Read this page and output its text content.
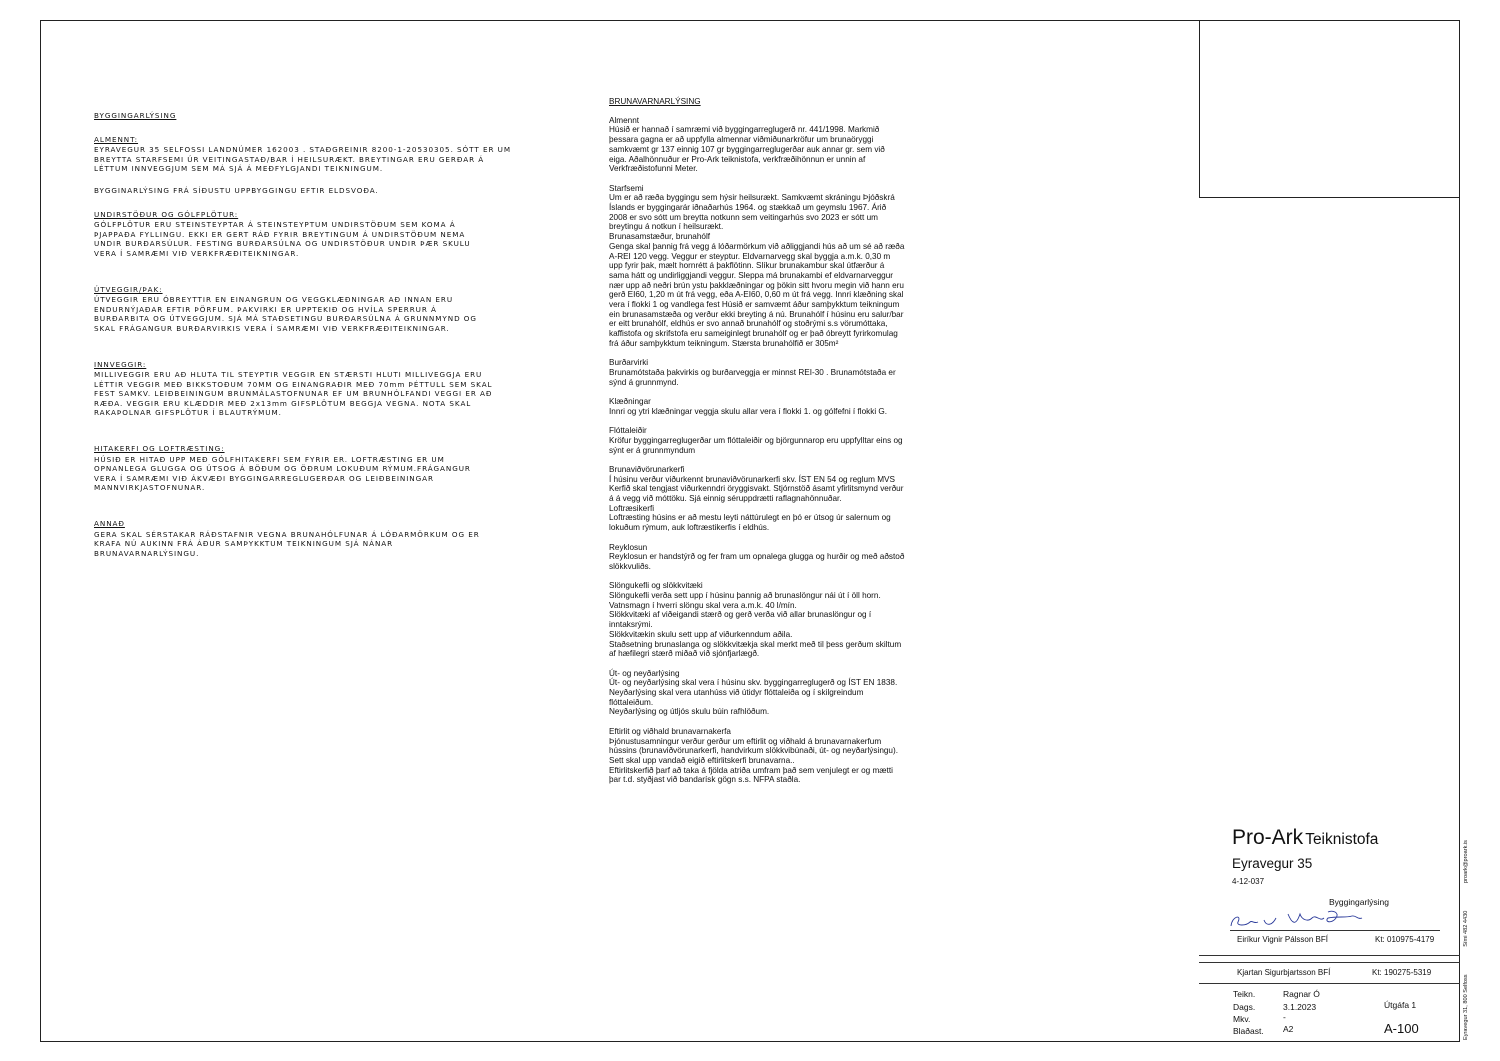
BYGGINGARLÝSING
ALMENNT:

EYRAVEGUR 35 SELFOSSI LANDNÚMER 162003 . STAÐGREINIR 8200-1-20530305. SÓTT ER UM
BREYTTA STARFSEMI ÚR VEITINGASTAÐ/BAR Í HEILSURÆKT. BREYTINGAR ERU GERÐAR Á
LÉTTUM INNVEGGJUM SEM MÁ SJÁ Á MEÐFYLGJANDI TEIKNINGUM.

BYGGINARLÝSING FRÁ SÍÐUSTU UPPBYGGINGU EFTIR ELDSVOÐA.

UNDIRSTÖÐUR OG GÓLFPLÖTUR:

GÓLFPLÖTUR ERU STEINSTEYPTAR Á STEINSTEYPTUM UNDIRSTÖÐUM SEM KOMA Á
ÞJAPPAÐA FYLLINGU. EKKI ER GERT RÁÐ FYRIR BREYTINGUM Á UNDIRSTÖÐUM NEMA
UNDIR BURÐARSÚLUR. FESTING BURÐARSÚLNA OG UNDIRSTÖÐUR UNDIR ÞÆR SKULU
VERA Í SAMRÆMI VIÐ VERKFRÆÐITEIKNINGAR.

ÚTVEGGIR/ÞAK:

ÚTVEGGIR ERU ÓBREYTTIR EN EINANGRUN OG VEGGKLÆÐNINGAR AÐ INNAN ERU
ENDURNÝJAÐAR EFTIR ÞÖRFUM. ÞAKVIRKI ER UPPTEKIÐ OG HVÍLA SPERRUR Á
BURÐARBITA OG ÚTVEGGJUM. SJÁ MÁ STAÐSETINGU BURÐARSÚLNA Á GRUNNMYND OG
SKAL FRÁGANGUR BURÐARVIRKIS VERA Í SAMRÆMI VIÐ VERKFRÆÐITEIKNINGAR.

INNVEGGIR:

MILLIVEGGIR ERU AÐ HLUTA TIL STEYPTIR VEGGIR EN STÆRSTI HLUTI MILLIVEGGJA ERU
LÉTTIR VEGGIR MEÐ BIKKSTOÐUM 70MM OG EINANGRAÐIR MEÐ 70mm ÞÉTTULL SEM SKAL
FEST SAMKV. LEIÐBEININGUM BRUNMÁLASTOFNUNAR EF UM BRUNHÓLFANDI VEGGI ER AÐ
RÆÐA. VEGGIR ERU KLÆDDIR MEÐ 2x13mm GIFSPLÖTUM BEGGJA VEGNA. NOTA SKAL
RAKAÞOLNAR GIFSPLÖTUR Í BLAUTRÝMUM.

HITAKERFI OG LOFTRÆSTING:

HÚSIÐ ER HITAÐ UPP MEÐ GÓLFHITAKERFI SEM FYRIR ER. LOFTRÆSTING ER UM
OPNANLEGA GLUGGA OG ÚTSOG Á BÖÐUM OG ÖÐRUM LOKUÐUM RÝMUM.FRÁGANGUR
VERA Í SAMRÆMI VIÐ ÁKVÆÐI BYGGINGARREGLUGERÐAR OG LEIÐBEININGAR
MANNVIRKJASTOFNUNAR.

ANNAÐ

GERA SKAL SÉRSTAKAR RÁÐSTAFNIR VEGNA BRUNAHÓLFUNAR Á LÓÐARMÖRKUM OG ER
KRAFA NÚ AUKINN FRÁ ÁÐUR SAMÞYKKTUM TEIKNINGUM SJÁ NÁNAR
BRUNAVARNARLÝSINGU.

BRUNAVARNARLÝSING
Almennt
Húsið er hannað í samræmi við byggingarreglugerð nr. 441/1998. Markmið
þessara gagna er að uppfylla almennar viðmiðunarkröfur um brunaöryggi
samkvæmt gr 137 einnig 107 gr byggingarreglugerðar auk annar gr. sem við
eiga. Aðalhönnuður er Pro-Ark teiknistofa, verkfræðihönnun er unnin af
Verkfræðistofunni Meter.
Starfsemi
Um er að ræða byggingu sem hýsir heilsurækt. Samkvæmt skráningu Þjóðskrá
Íslands er byggingarár iðnaðarhús 1964. og stækkað um geymslu 1967. Árið
2008 er svo sótt um breytta notkunn sem veitingarhús svo 2023 er sótt um
breytingu á notkun í heilsurækt.
Brunasamstæður, brunahólf
Gengа skal þannig frá vegg á lóðarmörkum við aðliggjandi hús að um sé að ræða
A-REI 120 vegg. Veggur er steyptur. Eldvarnarvegg skal byggja a.m.k. 0,30 m
upp fyrir þak, mælt hornrétt á þakflötinn. Slíkur brunakambur skal útfærður á
sama hátt og undirliggjandi veggur. Sleppa má brunakambi ef eldvarnarveggur
nær upp að neðri brún ystu þakklæðningar og þökin sitt hvoru megin við hann eru
gerð EI60, 1,20 m út frá vegg, eða A-EI60, 0,60 m út frá vegg. Innri klæðning skal
vera í flokki 1 og vandlega fest Húsið er samvæmt áður samþykktum teikningum
ein brunasamstæða og verður ekki breyting á nú. Brunahólf í húsinu eru salur/bar
er eitt brunahólf, eldhús er svo annað brunahólf og stoðrými s.s vörumóttaka,
kaffistofa og skrifstofa eru sameiginlegt brunahólf og er það óbreytt fyrirkomulag
frá áður samþykktum teikningum. Stærsta brunahólfið er 305m²
Burðarvirki
Brunamótstaða þakvirkis og burðarveggja er minnst REI-30 . Brunamótstaða er
sýnd á grunnmynd.
Klæðningar
Innri og ytri klæðningar veggja skulu allar vera í flokki 1. og gólfefni í flokki G.
Flóttaleiðir
Kröfur byggingarreglugerðar um flóttaleiðir og björgunnarop eru uppfylltar eins og
sýnt er á grunnmyndum
Brunaviðvörunarkerfi
Í húsinu verður viðurkennt brunaviðvörunarkerfi skv. ÍST EN 54 og reglum MVS
Kerfið skal tengjast viðurkenndri öryggisvakt. Stjórnstöð ásamt yfirlitsmynd verður
á á vegg við móttöku. Sjá einnig séruppdrætti raflagnahönnuðar.
Loftræsikerfi
Loftræsting húsins er að mestu leyti náttúrulegt en þó er útsog úr salernum og
lokuðum rýmum, auk loftræstikerfis í eldhús.
Reyklosun
Reyklosun er handstýrð og fer fram um opnalega glugga og hurðir og með aðstoð
slökkvuliðs.
Slöngukefli og slökkvitæki
Slöngukefli verða sett upp í húsinu þannig að brunaslöngur nái út í öll horn.
Vatnsmagn í hverri slöngu skal vera a.m.k. 40 l/mín.
Slökkvitæki af viðeigandi stærð og gerð verða við allar brunaslöngur og í
inntaksrými.
Slökkvitækin skulu sett upp af viðurkenndum aðila.
Staðsetning brunaslanga og slökkvitækja skal merkt með til þess gerðum skiltum
af hæfilegri stærð miðað við sjónfjarlægð.
Út- og neyðarlýsing
Út- og neyðarlýsing skal vera í húsinu skv. byggingarreglugerð og ÍST EN 1838.
Neyðarlýsing skal vera utanhúss við útidyr flóttaleiða og í skilgreindum
flóttaleiðum.
Neyðarlýsing og útljós skulu búin rafhlöðum.
Eftirlit og viðhald brunavarnakerfa
Þjónustusamningur verður gerður um eftirlit og viðhald á brunavarnakerfum
hússins (brunaviðvörunarkerfi, handvirkum slökkvibúnaði, út- og neyðarlýsingu).
Sett skal upp vandað eigið eftirlitskerfi brunavarna..
Eftirlitskerfið þarf að taka á fjölda atriða umfram það sem venjulegt er og mætti
þar t.d. styðjast við bandarísk gögn s.s. NFPA staðla.
Pro-Ark Teiknistofa
Eyravegur 35
4-12-037
Byggingarlýsing
Eiríkur Vignir Pálsson
Eiríkur Vignir Pálsson BFÍ	Kt: 010975-4179
Kjartan Sigurbjartsson BFÍ	Kt: 190275-5319
Teikn.	Ragnar Ó
Dags.	3.1.2023	Útgáfa 1
Mkv.	-
Blaðast. A2	A-100	Eyravegur 31, 800 Selfoss
Sími 482 4430
proark@proark.is
